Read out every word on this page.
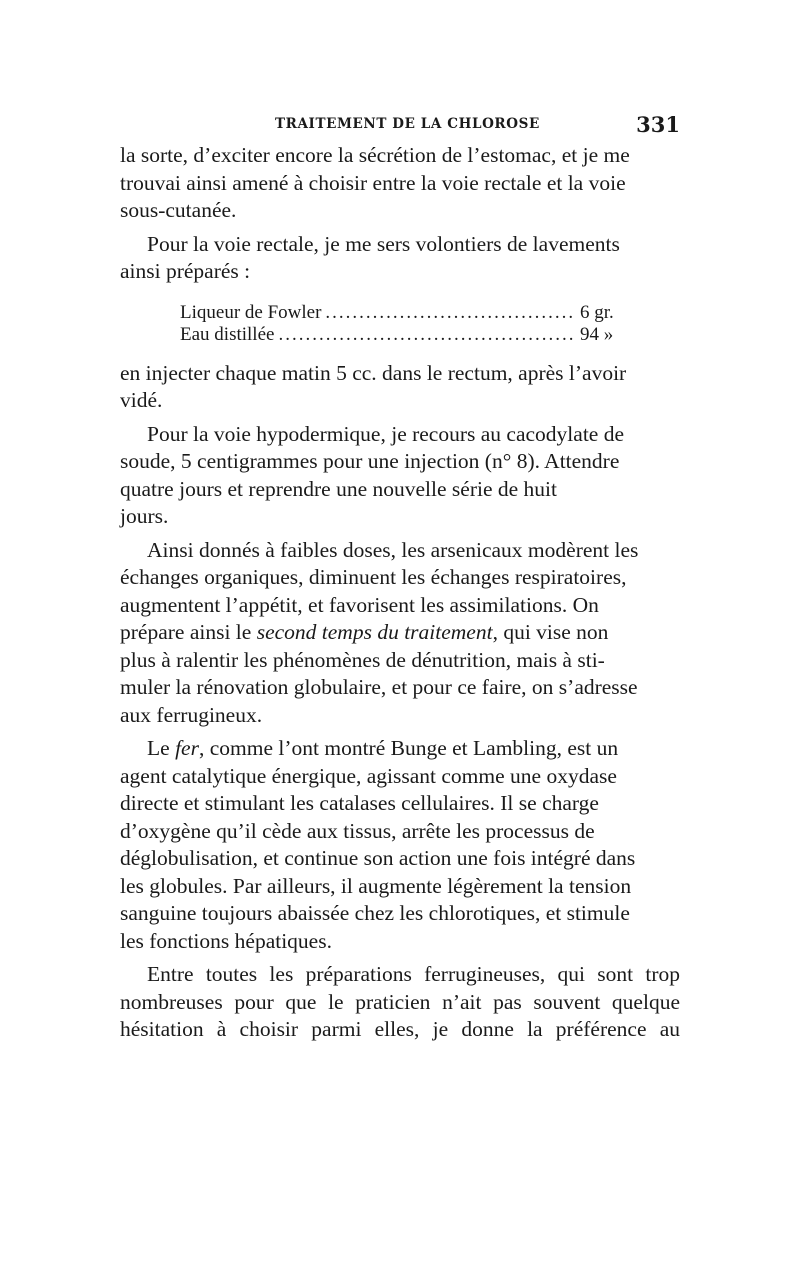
TRAITEMENT DE LA CHLOROSE	331

la sorte, d’exciter encore la sécrétion de l’estomac, et je me
trouvai ainsi amené à choisir entre la voie rectale et la voie
sous-cutanée.

Pour la voie rectale, je me sers volontiers de lavements
ainsi préparés :

Liqueur de Fowler .....	6 gr.
Eau distillée .....	94 »

en injecter chaque matin 5 cc. dans le rectum, après l’avoir
vidé.

Pour la voie hypodermique, je recours au cacodylate de
soude, 5 centigrammes pour une injection (n° 8). Attendre
quatre jours et reprendre une nouvelle série de huit
jours.

Ainsi donnés à faibles doses, les arsenicaux modèrent les
échanges organiques, diminuent les échanges respiratoires,
augmentent l’appétit, et favorisent les assimilations. On
prépare ainsi le second temps du traitement, qui vise non
plus à ralentir les phénomènes de dénutrition, mais à sti-
muler la rénovation globulaire, et pour ce faire, on s’adresse
aux ferrugineux.

Le fer, comme l’ont montré Bunge et Lambling, est un
agent catalytique énergique, agissant comme une oxydase
directe et stimulant les catalases cellulaires. Il se charge
d’oxygène qu’il cède aux tissus, arrête les processus de
déglobulisation, et continue son action une fois intégré dans
les globules. Par ailleurs, il augmente légèrement la tension
sanguine toujours abaissée chez les chlorotiques, et stimule
les fonctions hépatiques.

Entre toutes les préparations ferrugineuses, qui sont trop
nombreuses pour que le praticien n’ait pas souvent quelque
hésitation à choisir parmi elles, je donne la préférence au
